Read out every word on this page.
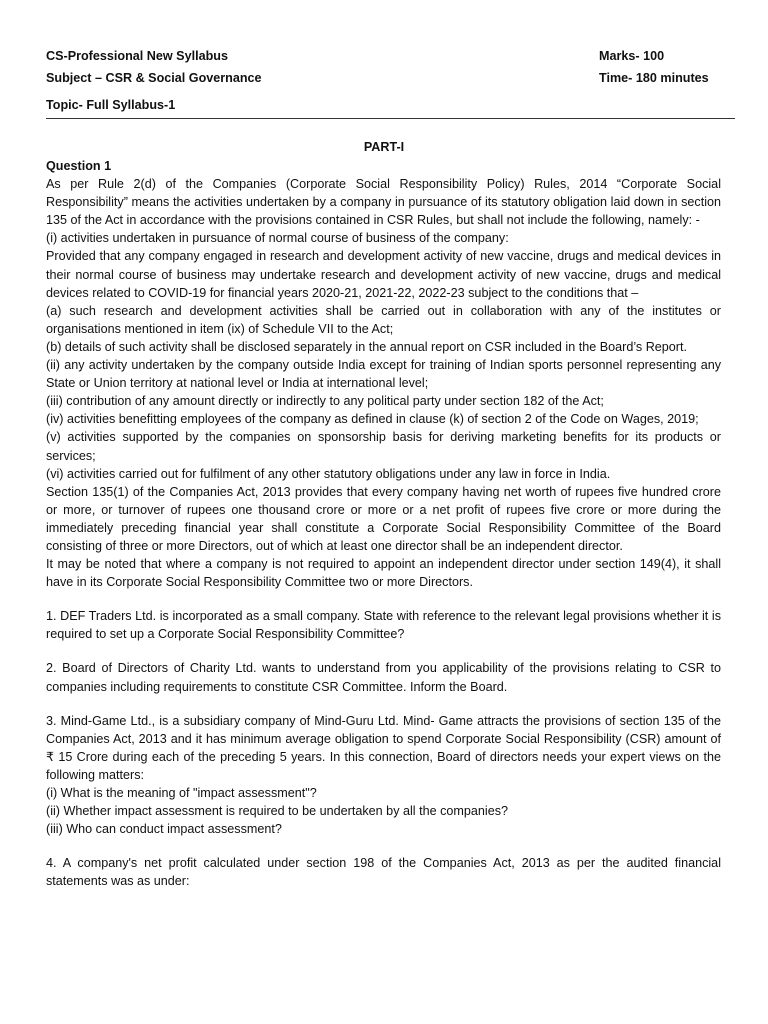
CS-Professional New Syllabus	Marks- 100
Subject – CSR & Social Governance	Time- 180 minutes
Topic- Full Syllabus-1
PART-I

Question 1

As per Rule 2(d) of the Companies (Corporate Social Responsibility Policy) Rules, 2014 “Corporate Social Responsibility” means the activities undertaken by a company in pursuance of its statutory obligation laid down in section 135 of the Act in accordance with the provisions contained in CSR Rules, but shall not include the following, namely: -

(i) activities undertaken in pursuance of normal course of business of the company:

Provided that any company engaged in research and development activity of new vaccine, drugs and medical devices in their normal course of business may undertake research and development activity of new vaccine, drugs and medical devices related to COVID-19 for financial years 2020-21, 2021-22, 2022-23 subject to the conditions that –

(a) such research and development activities shall be carried out in collaboration with any of the institutes or organisations mentioned in item (ix) of Schedule VII to the Act;

(b) details of such activity shall be disclosed separately in the annual report on CSR included in the Board’s Report.

(ii) any activity undertaken by the company outside India except for training of Indian sports personnel representing any State or Union territory at national level or India at international level;

(iii) contribution of any amount directly or indirectly to any political party under section 182 of the Act;

(iv) activities benefitting employees of the company as defined in clause (k) of section 2 of the Code on Wages, 2019;

(v) activities supported by the companies on sponsorship basis for deriving marketing benefits for its products or services;

(vi) activities carried out for fulfilment of any other statutory obligations under any law in force in India.

Section 135(1) of the Companies Act, 2013 provides that every company having net worth of rupees five hundred crore or more, or turnover of rupees one thousand crore or more or a net profit of rupees five crore or more during the immediately preceding financial year shall constitute a Corporate Social Responsibility Committee of the Board consisting of three or more Directors, out of which at least one director shall be an independent director.

It may be noted that where a company is not required to appoint an independent director under section 149(4), it shall have in its Corporate Social Responsibility Committee two or more Directors.

1. DEF Traders Ltd. is incorporated as a small company. State with reference to the relevant legal provisions whether it is required to set up a Corporate Social Responsibility Committee?

2. Board of Directors of Charity Ltd. wants to understand from you applicability of the provisions relating to CSR to companies including requirements to constitute CSR Committee. Inform the Board.

3. Mind-Game Ltd., is a subsidiary company of Mind-Guru Ltd. Mind- Game attracts the provisions of section 135 of the Companies Act, 2013 and it has minimum average obligation to spend Corporate Social Responsibility (CSR) amount of ₹ 15 Crore during each of the preceding 5 years. In this connection, Board of directors needs your expert views on the following matters:

(i) What is the meaning of "impact assessment"?

(ii) Whether impact assessment is required to be undertaken by all the companies?

(iii) Who can conduct impact assessment?

4. A company's net profit calculated under section 198 of the Companies Act, 2013 as per the audited financial statements was as under:
